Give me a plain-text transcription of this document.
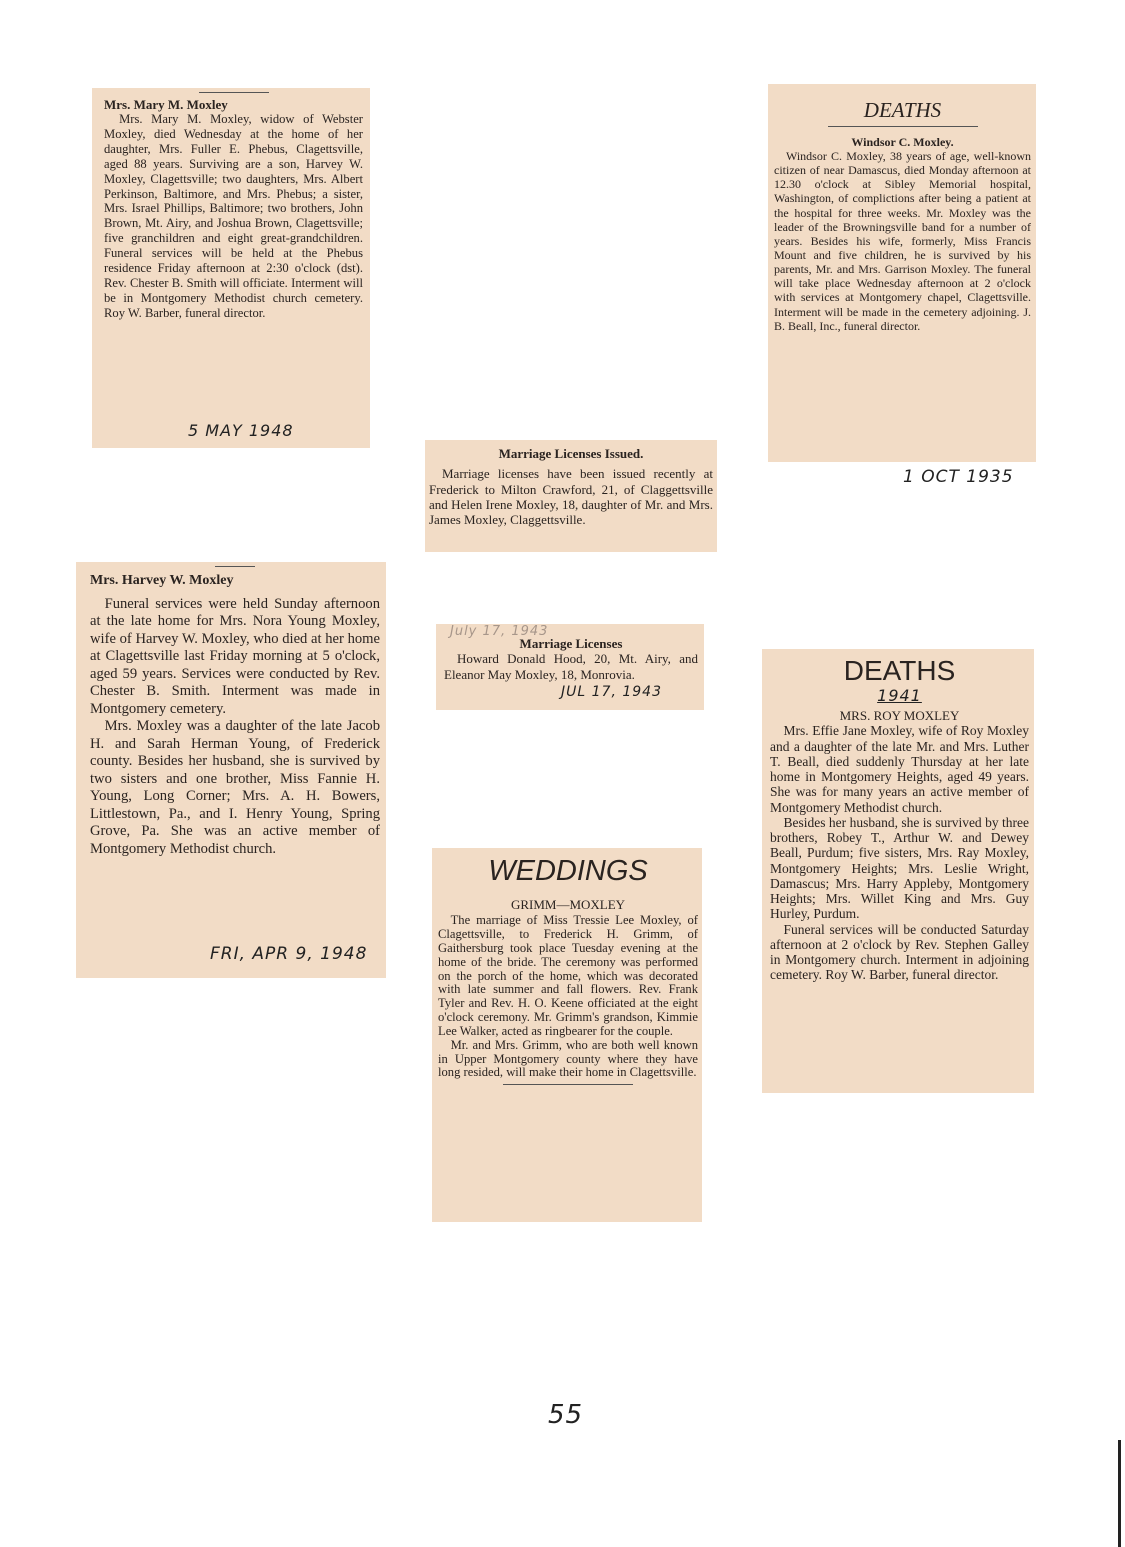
Mrs. Mary M. Moxley

Mrs. Mary M. Moxley, widow of Webster Moxley, died Wednesday at the home of her daughter, Mrs. Fuller E. Phebus, Clagettsville, aged 88 years. Surviving are a son, Harvey W. Moxley, Clagettsville; two daughters, Mrs. Albert Perkinson, Baltimore, and Mrs. Phebus; a sister, Mrs. Israel Phillips, Baltimore; two brothers, John Brown, Mt. Airy, and Joshua Brown, Clagettsville; five granchildren and eight great-grandchildren. Funeral services will be held at the Phebus residence Friday afternoon at 2:30 o'clock (dst). Rev. Chester B. Smith will officiate. Interment will be in Montgomery Methodist church cemetery. Roy W. Barber, funeral director.

5 MAY 1948
DEATHS
Windsor C. Moxley.

Windsor C. Moxley, 38 years of age, well-known citizen of near Damascus, died Monday afternoon at 12.30 o'clock at Sibley Memorial hospital, Washington, of complictions after being a patient at the hospital for three weeks. Mr. Moxley was the leader of the Browningsville band for a number of years. Besides his wife, formerly, Miss Francis Mount and five children, he is survived by his parents, Mr. and Mrs. Garrison Moxley. The funeral will take place Wednesday afternoon at 2 o'clock with services at Montgomery chapel, Clagettsville. Interment will be made in the cemetery adjoining. J. B. Beall, Inc., funeral director.

1 OCT 1935
Marriage Licenses Issued.

Marriage licenses have been issued recently at Frederick to Milton Crawford, 21, of Claggettsville and Helen Irene Moxley, 18, daughter of Mr. and Mrs. James Moxley, Claggettsville.

Mrs. Harvey W. Moxley

Funeral services were held Sunday afternoon at the late home for Mrs. Nora Young Moxley, wife of Harvey W. Moxley, who died at her home at Clagettsville last Friday morning at 5 o'clock, aged 59 years. Services were conducted by Rev. Chester B. Smith. Interment was made in Montgomery cemetery.

Mrs. Moxley was a daughter of the late Jacob H. and Sarah Herman Young, of Frederick county. Besides her husband, she is survived by two sisters and one brother, Miss Fannie H. Young, Long Corner; Mrs. A. H. Bowers, Littlestown, Pa., and I. Henry Young, Spring Grove, Pa. She was an active member of Montgomery Methodist church.

FRI, APR 9, 1948
July 17, 1943
Marriage Licenses

Howard Donald Hood, 20, Mt. Airy, and Eleanor May Moxley, 18, Monrovia.

JUL 17, 1943
DEATHS
1941
MRS. ROY MOXLEY

Mrs. Effie Jane Moxley, wife of Roy Moxley and a daughter of the late Mr. and Mrs. Luther T. Beall, died suddenly Thursday at her late home in Montgomery Heights, aged 49 years. She was for many years an active member of Montgomery Methodist church.

Besides her husband, she is survived by three brothers, Robey T., Arthur W. and Dewey Beall, Purdum; five sisters, Mrs. Ray Moxley, Montgomery Heights; Mrs. Leslie Wright, Damascus; Mrs. Harry Appleby, Montgomery Heights; Mrs. Willet King and Mrs. Guy Hurley, Purdum.

Funeral services will be conducted Saturday afternoon at 2 o'clock by Rev. Stephen Galley in Montgomery church. Interment in adjoining cemetery. Roy W. Barber, funeral director.

WEDDINGS
GRIMM—MOXLEY

The marriage of Miss Tressie Lee Moxley, of Clagettsville, to Frederick H. Grimm, of Gaithersburg took place Tuesday evening at the home of the bride. The ceremony was performed on the porch of the home, which was decorated with late summer and fall flowers. Rev. Frank Tyler and Rev. H. O. Keene officiated at the eight o'clock ceremony. Mr. Grimm's grandson, Kimmie Lee Walker, acted as ringbearer for the couple.

Mr. and Mrs. Grimm, who are both well known in Upper Montgomery county where they have long resided, will make their home in Clagettsville.

55
